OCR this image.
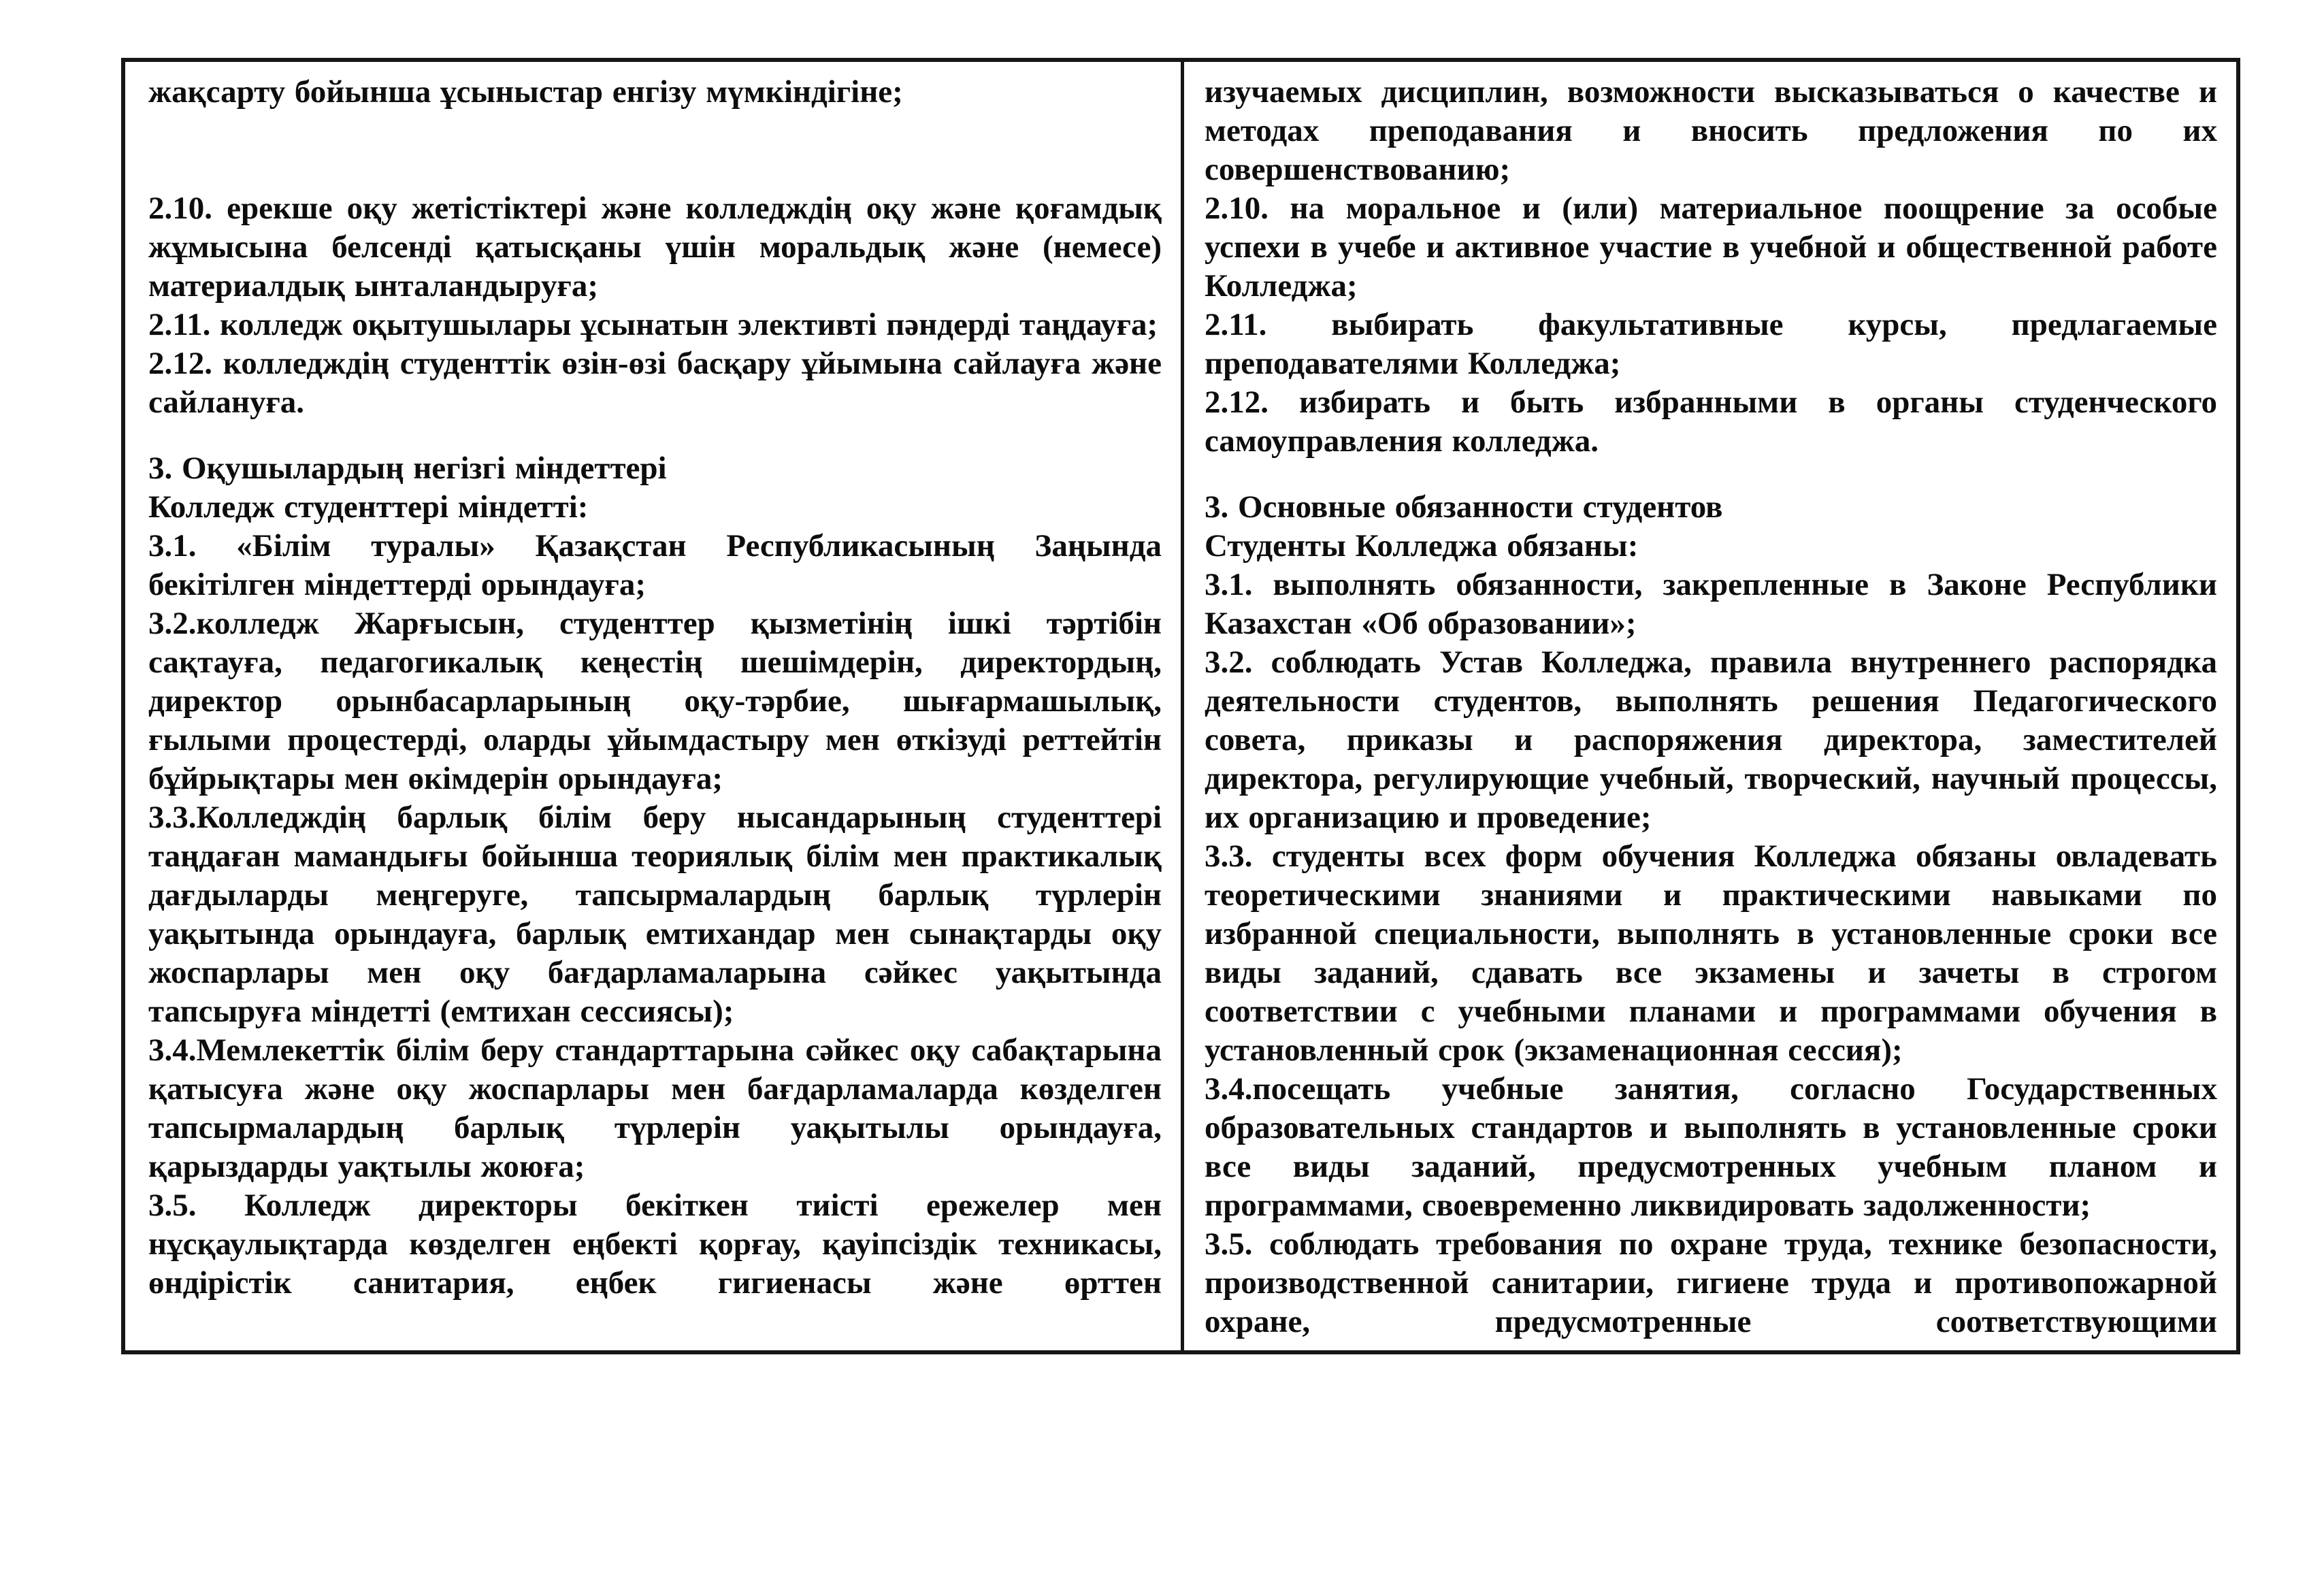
жақсарту бойынша ұсыныстар енгізу мүмкіндігіне;

2.10. ерекше оқу жетістіктері және колледждің оқу және қоғамдық жұмысына белсенді қатысқаны үшін моральдық және (немесе) материалдық ынталандыруға;

2.11. колледж оқытушылары ұсынатын элективті пәндерді таңдауға;

2.12. колледждің студенттік өзін-өзі басқару ұйымына сайлауға және сайлануға.

3. Оқушылардың негізгі міндеттері

Колледж студенттері міндетті:

3.1. «Білім туралы» Қазақстан Республикасының Заңында бекітілген міндеттерді орындауға;

3.2.колледж Жарғысын, студенттер қызметінің ішкі тәртібін сақтауға, педагогикалық кеңестің шешімдерін, директордың, директор орынбасарларының оқу-тәрбие, шығармашылық, ғылыми процестерді, оларды ұйымдастыру мен өткізуді реттейтін бұйрықтары мен өкімдерін орындауға;

3.3.Колледждің барлық білім беру нысандарының студенттері таңдаған мамандығы бойынша теориялық білім мен практикалық дағдыларды меңгеруге, тапсырмалардың барлық түрлерін уақытында орындауға, барлық емтихандар мен сынақтарды оқу жоспарлары мен оқу бағдарламаларына сәйкес уақытында тапсыруға міндетті (емтихан сессиясы);

3.4.Мемлекеттік білім беру стандарттарына сәйкес оқу сабақтарына қатысуға және оқу жоспарлары мен бағдарламаларда көзделген тапсырмалардың барлық түрлерін уақытылы орындауға, қарыздарды уақтылы жоюға;

3.5. Колледж директоры бекіткен тиісті ережелер мен нұсқаулықтарда көзделген еңбекті қорғау, қауіпсіздік техникасы, өндірістік санитария, еңбек гигиенасы және өрттен

изучаемых дисциплин, возможности высказываться о качестве и методах преподавания и вносить предложения по их совершенствованию;

2.10. на моральное и (или) материальное поощрение за особые успехи в учебе и активное участие в учебной и общественной работе Колледжа;

2.11. выбирать факультативные курсы, предлагаемые преподавателями Колледжа;

2.12. избирать и быть избранными в органы студенческого самоуправления колледжа.

3. Основные обязанности студентов

Студенты Колледжа обязаны:

3.1. выполнять обязанности, закрепленные в Законе Республики Казахстан «Об образовании»;

3.2. соблюдать Устав Колледжа, правила внутреннего распорядка деятельности студентов, выполнять решения Педагогического совета, приказы и распоряжения директора, заместителей директора, регулирующие учебный, творческий, научный процессы, их организацию и проведение;

3.3. студенты всех форм обучения Колледжа обязаны овладевать теоретическими знаниями и практическими навыками по избранной специальности, выполнять в установленные сроки все виды заданий, сдавать все экзамены и зачеты в строгом соответствии с учебными планами и программами обучения в установленный срок (экзаменационная сессия);

3.4.посещать учебные занятия, согласно Государственных образовательных стандартов и выполнять в установленные сроки все виды заданий, предусмотренных учебным планом и программами, своевременно ликвидировать задолженности;

3.5. соблюдать требования по охране труда, технике безопасности, производственной санитарии, гигиене труда и противопожарной охране, предусмотренные соответствующими
